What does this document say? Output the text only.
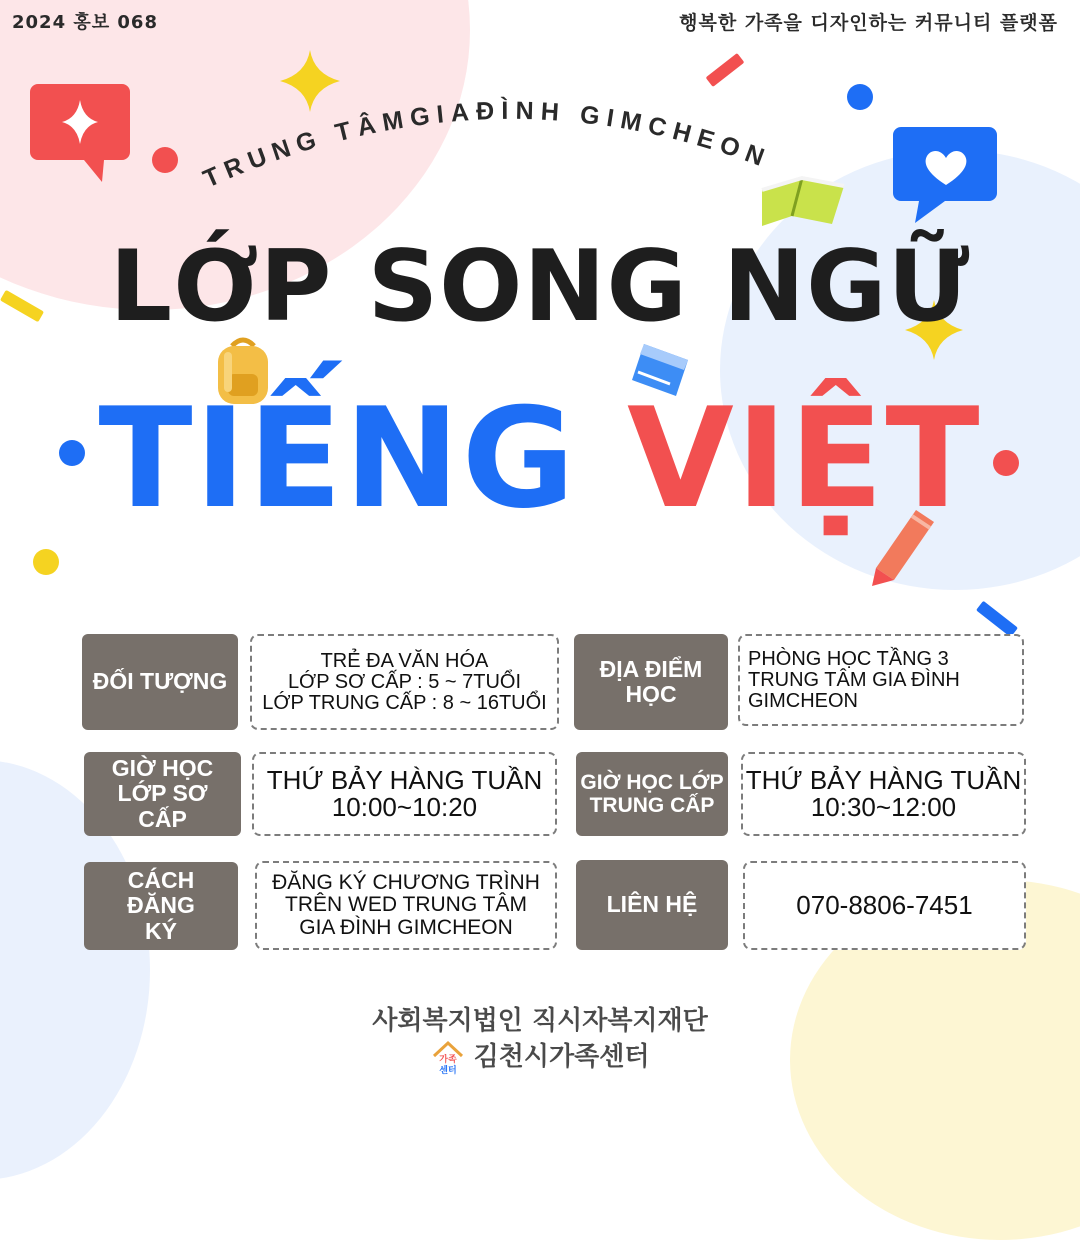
2024 홍보 068	행복한 가족을 디자인하는 커뮤니티 플랫폼
TRUNG TÂMGIAĐÌNH GIMCHEON
LỚP SONG NGỮ
TIẾNG VIỆT
ĐỐI TƯỢNG
TRẺ ĐA VĂN HÓA
LỚP SƠ CẤP : 5 ~ 7TUỔI
LỚP TRUNG CẤP : 8 ~ 16TUỔI
ĐỊA ĐIỂM HỌC
PHÒNG HỌC TẦNG 3
TRUNG TÂM GIA ĐÌNH
GIMCHEON
GIỜ HỌC LỚP SƠ CẤP
THỨ BẢY HÀNG TUẦN
10:00~10:20
GIỜ HỌC LỚP TRUNG CẤP
THỨ BẢY HÀNG TUẦN
10:30~12:00
CÁCH ĐĂNG KÝ
ĐĂNG KÝ CHƯƠNG TRÌNH
TRÊN WED TRUNG TÂM
GIA ĐÌNH GIMCHEON
LIÊN HỆ	070-8806-7451
사회복지법인 직시자복지재단
가족
센터 김천시가족센터
